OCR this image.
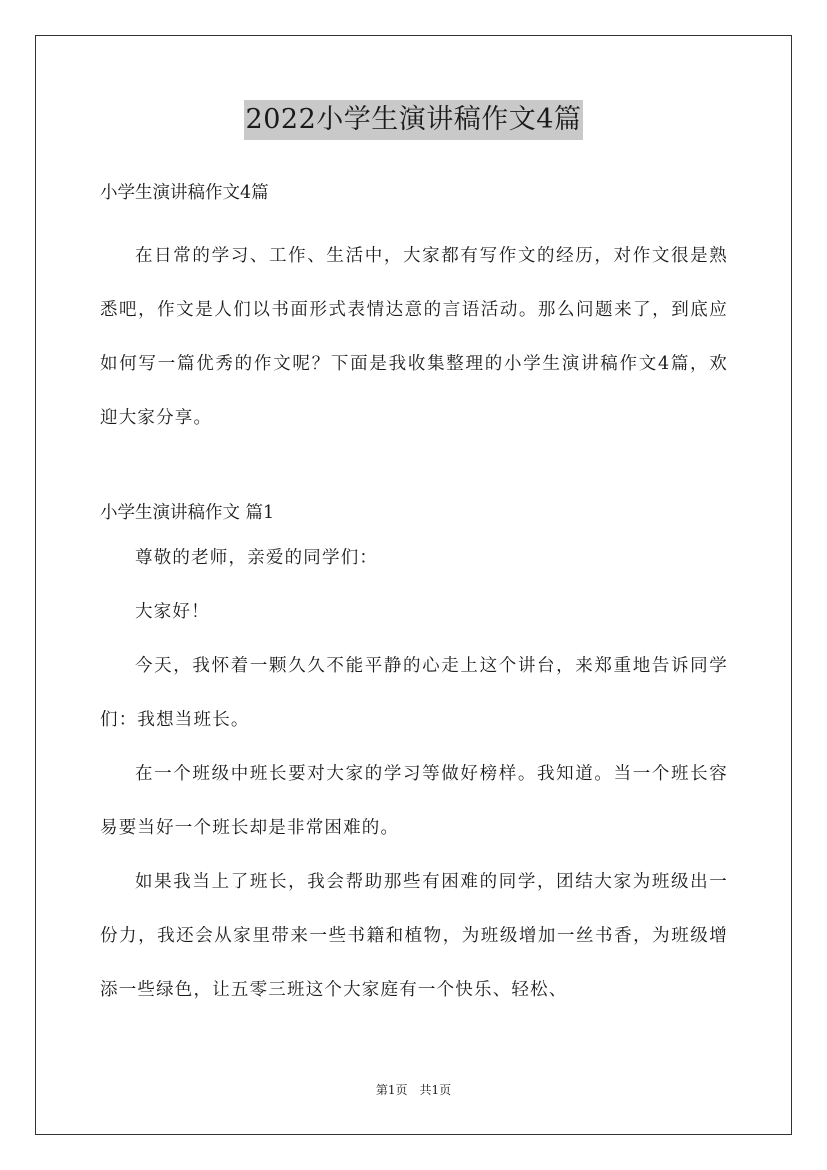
2022小学生演讲稿作文4篇

小学生演讲稿作文4篇

在日常的学习、工作、生活中，大家都有写作文的经历，对作文很是熟悉吧，作文是人们以书面形式表情达意的言语活动。那么问题来了，到底应如何写一篇优秀的作文呢？下面是我收集整理的小学生演讲稿作文4篇，欢迎大家分享。

小学生演讲稿作文 篇1

尊敬的老师，亲爱的同学们：

大家好！

今天，我怀着一颗久久不能平静的心走上这个讲台，来郑重地告诉同学们：我想当班长。

在一个班级中班长要对大家的学习等做好榜样。我知道。当一个班长容易要当好一个班长却是非常困难的。

如果我当上了班长，我会帮助那些有困难的同学，团结大家为班级出一份力，我还会从家里带来一些书籍和植物，为班级增加一丝书香，为班级增添一些绿色，让五零三班这个大家庭有一个快乐、轻松、

第1页　共1页
